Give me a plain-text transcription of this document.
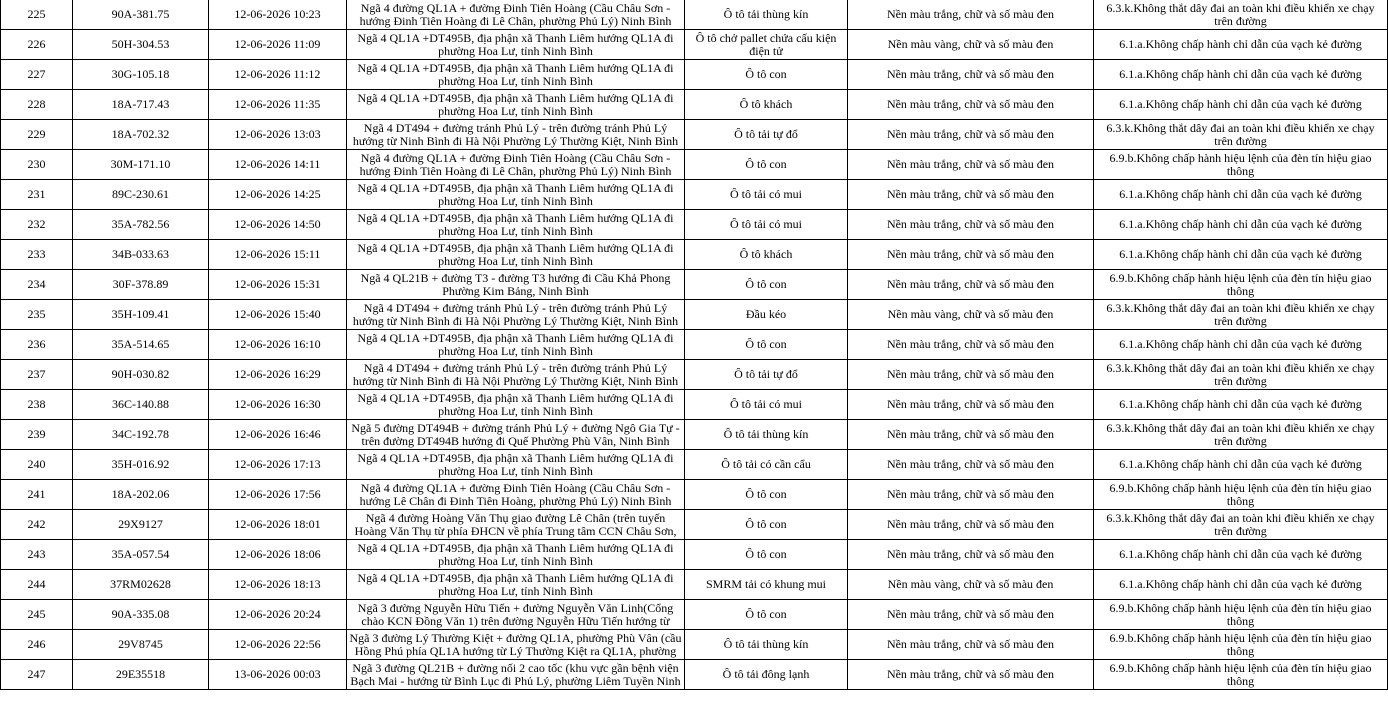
225	90A-381.75	12-06-2026 10:23	Ngã 4 đường QL1A + đường Đinh Tiên Hoàng (Cầu Châu Sơn - hướng Đinh Tiên Hoàng đi Lê Chân, phường Phủ Lý) Ninh Bình	Ô tô tải thùng kín	Nền màu trắng, chữ và số màu đen	6.3.k.Không thắt dây đai an toàn khi điều khiển xe chạy trên đường

226	50H-304.53	12-06-2026 11:09	Ngã 4 QL1A +DT495B, địa phận xã Thanh Liêm hướng QL1A đi phường Hoa Lư, tỉnh Ninh Bình	Ô tô chở pallet chứa cấu kiện điện tử	Nền màu vàng, chữ và số màu đen	6.1.a.Không chấp hành chỉ dẫn của vạch kẻ đường

227	30G-105.18	12-06-2026 11:12	Ngã 4 QL1A +DT495B, địa phận xã Thanh Liêm hướng QL1A đi phường Hoa Lư, tỉnh Ninh Bình	Ô tô con	Nền màu trắng, chữ và số màu đen	6.1.a.Không chấp hành chỉ dẫn của vạch kẻ đường

228	18A-717.43	12-06-2026 11:35	Ngã 4 QL1A +DT495B, địa phận xã Thanh Liêm hướng QL1A đi phường Hoa Lư, tỉnh Ninh Bình	Ô tô khách	Nền màu trắng, chữ và số màu đen	6.1.a.Không chấp hành chỉ dẫn của vạch kẻ đường

229	18A-702.32	12-06-2026 13:03	Ngã 4 DT494 + đường tránh Phủ Lý - trên đường tránh Phủ Lý hướng từ Ninh Bình đi Hà Nội Phường Lý Thường Kiệt, Ninh Bình	Ô tô tải tự đổ	Nền màu trắng, chữ và số màu đen	6.3.k.Không thắt dây đai an toàn khi điều khiển xe chạy trên đường

230	30M-171.10	12-06-2026 14:11	Ngã 4 đường QL1A + đường Đinh Tiên Hoàng (Cầu Châu Sơn - hướng Đinh Tiên Hoàng đi Lê Chân, phường Phủ Lý) Ninh Bình	Ô tô con	Nền màu trắng, chữ và số màu đen	6.9.b.Không chấp hành hiệu lệnh của đèn tín hiệu giao thông

231	89C-230.61	12-06-2026 14:25	Ngã 4 QL1A +DT495B, địa phận xã Thanh Liêm hướng QL1A đi phường Hoa Lư, tỉnh Ninh Bình	Ô tô tải có mui	Nền màu trắng, chữ và số màu đen	6.1.a.Không chấp hành chỉ dẫn của vạch kẻ đường

232	35A-782.56	12-06-2026 14:50	Ngã 4 QL1A +DT495B, địa phận xã Thanh Liêm hướng QL1A đi phường Hoa Lư, tỉnh Ninh Bình	Ô tô tải có mui	Nền màu trắng, chữ và số màu đen	6.1.a.Không chấp hành chỉ dẫn của vạch kẻ đường

233	34B-033.63	12-06-2026 15:11	Ngã 4 QL1A +DT495B, địa phận xã Thanh Liêm hướng QL1A đi phường Hoa Lư, tỉnh Ninh Bình	Ô tô khách	Nền màu trắng, chữ và số màu đen	6.1.a.Không chấp hành chỉ dẫn của vạch kẻ đường

234	30F-378.89	12-06-2026 15:31	Ngã 4 QL21B + đường T3 - đường T3 hướng đi Cầu Khả Phong Phường Kim Bảng, Ninh Bình	Ô tô con	Nền màu trắng, chữ và số màu đen	6.9.b.Không chấp hành hiệu lệnh của đèn tín hiệu giao thông

235	35H-109.41	12-06-2026 15:40	Ngã 4 DT494 + đường tránh Phủ Lý - trên đường tránh Phủ Lý hướng từ Ninh Bình đi Hà Nội Phường Lý Thường Kiệt, Ninh Bình	Đầu kéo	Nền màu vàng, chữ và số màu đen	6.3.k.Không thắt dây đai an toàn khi điều khiển xe chạy trên đường

236	35A-514.65	12-06-2026 16:10	Ngã 4 QL1A +DT495B, địa phận xã Thanh Liêm hướng QL1A đi phường Hoa Lư, tỉnh Ninh Bình	Ô tô con	Nền màu trắng, chữ và số màu đen	6.1.a.Không chấp hành chỉ dẫn của vạch kẻ đường

237	90H-030.82	12-06-2026 16:29	Ngã 4 DT494 + đường tránh Phủ Lý - trên đường tránh Phủ Lý hướng từ Ninh Bình đi Hà Nội Phường Lý Thường Kiệt, Ninh Bình	Ô tô tải tự đổ	Nền màu trắng, chữ và số màu đen	6.3.k.Không thắt dây đai an toàn khi điều khiển xe chạy trên đường

238	36C-140.88	12-06-2026 16:30	Ngã 4 QL1A +DT495B, địa phận xã Thanh Liêm hướng QL1A đi phường Hoa Lư, tỉnh Ninh Bình	Ô tô tải có mui	Nền màu trắng, chữ và số màu đen	6.1.a.Không chấp hành chỉ dẫn của vạch kẻ đường

239	34C-192.78	12-06-2026 16:46	Ngã 5 đường DT494B + đường tránh Phủ Lý + đường Ngô Gia Tự - trên đường DT494B hướng đi Quế Phường Phù Vân, Ninh Bình	Ô tô tải thùng kín	Nền màu trắng, chữ và số màu đen	6.3.k.Không thắt dây đai an toàn khi điều khiển xe chạy trên đường

240	35H-016.92	12-06-2026 17:13	Ngã 4 QL1A +DT495B, địa phận xã Thanh Liêm hướng QL1A đi phường Hoa Lư, tỉnh Ninh Bình	Ô tô tải có cần cẩu	Nền màu trắng, chữ và số màu đen	6.1.a.Không chấp hành chỉ dẫn của vạch kẻ đường

241	18A-202.06	12-06-2026 17:56	Ngã 4 đường QL1A + đường Đinh Tiên Hoàng (Cầu Châu Sơn - hướng Lê Chân đi Đinh Tiên Hoàng, phường Phủ Lý) Ninh Bình	Ô tô con	Nền màu trắng, chữ và số màu đen	6.9.b.Không chấp hành hiệu lệnh của đèn tín hiệu giao thông

242	29X9127	12-06-2026 18:01	Ngã 4 đường Hoàng Văn Thụ giao đường Lê Chân (trên tuyến Hoàng Văn Thụ từ phía ĐHCN về phía Trung tâm CCN Châu Sơn,	Ô tô con	Nền màu trắng, chữ và số màu đen	6.3.k.Không thắt dây đai an toàn khi điều khiển xe chạy trên đường

243	35A-057.54	12-06-2026 18:06	Ngã 4 QL1A +DT495B, địa phận xã Thanh Liêm hướng QL1A đi phường Hoa Lư, tỉnh Ninh Bình	Ô tô con	Nền màu trắng, chữ và số màu đen	6.1.a.Không chấp hành chỉ dẫn của vạch kẻ đường

244	37RM02628	12-06-2026 18:13	Ngã 4 QL1A +DT495B, địa phận xã Thanh Liêm hướng QL1A đi phường Hoa Lư, tỉnh Ninh Bình	SMRM tải có khung mui	Nền màu vàng, chữ và số màu đen	6.1.a.Không chấp hành chỉ dẫn của vạch kẻ đường

245	90A-335.08	12-06-2026 20:24	Ngã 3 đường Nguyễn Hữu Tiến + đường Nguyễn Văn Linh(Cổng chào KCN Đồng Văn 1) trên đường Nguyễn Hữu Tiến hướng từ	Ô tô con	Nền màu trắng, chữ và số màu đen	6.9.b.Không chấp hành hiệu lệnh của đèn tín hiệu giao thông

246	29V8745	12-06-2026 22:56	Ngã 3 đường Lý Thường Kiệt + đường QL1A, phường Phù Vân (cầu Hồng Phú phía QL1A hướng từ Lý Thường Kiệt ra QL1A, phường	Ô tô tải thùng kín	Nền màu trắng, chữ và số màu đen	6.9.b.Không chấp hành hiệu lệnh của đèn tín hiệu giao thông

247	29E35518	13-06-2026 00:03	Ngã 3 đường QL21B + đường nối 2 cao tốc (khu vực gần bệnh viện Bạch Mai - hướng từ Bình Lục đi Phủ Lý, phường Liêm Tuyền Ninh	Ô tô tải đông lạnh	Nền màu trắng, chữ và số màu đen	6.9.b.Không chấp hành hiệu lệnh của đèn tín hiệu giao thông
